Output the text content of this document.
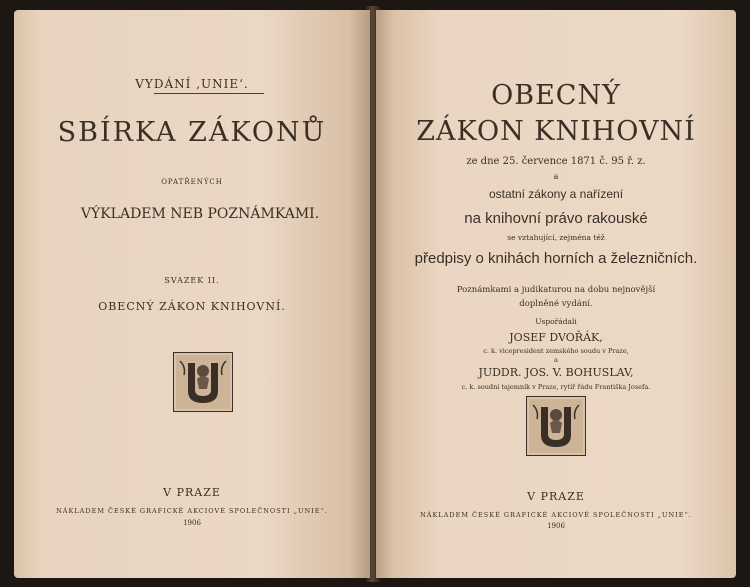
VYDÁNÍ ‚UNIE‘.
SBÍRKA ZÁKONŮ
OPATŘENÝCH
VÝKLADEM NEB POZNÁMKAMI.
SVAZEK II.
OBECNÝ ZÁKON KNIHOVNÍ.
V PRAZE
NÁKLADEM ČESKÉ GRAFICKÉ AKCIOVÉ SPOLEČNOSTI „UNIE“.
1906
OBECNÝ
ZÁKON KNIHOVNÍ
ze dne 25. července 1871 č. 95 ř. z.
a
ostatní zákony a nařízení
na knihovní právo rakouské
se vztahující, zejména též
předpisy o knihách horních a železničních.
Poznámkami a judikaturou na dobu nejnovější
doplněné vydání.
Uspořádali
JOSEF DVOŘÁK,
c. k. vicepresident zemského soudu v Praze,
a
JUDDR. JOS. V. BOHUSLAV,
c. k. soudní tajemník v Praze, rytíř řádu Františka Josefa.
V PRAZE
NÁKLADEM ČESKÉ GRAFICKÉ AKCIOVÉ SPOLEČNOSTI „UNIE“.
1906
